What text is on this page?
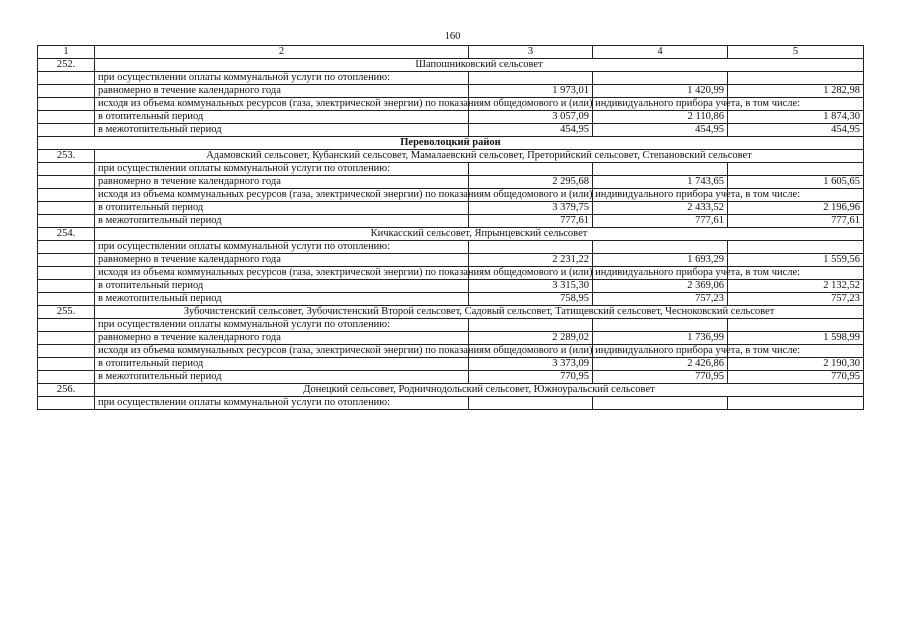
160
1	2	3	4	5
252.	Шапошниковский сельсовет			
	при осуществлении оплаты коммунальной услуги по отоплению:			
	равномерно в течение календарного года	1 973,01	1 420,99	1 282,98
	исходя из объема коммунальных ресурсов (газа, электрической энергии) по показаниям общедомового и (или) индивидуального прибора учета, в том числе:			
	в отопительный период	3 057,09	2 110,86	1 874,30
	в межотопительный период	454,95	454,95	454,95
Переволоцкий район				
253.	Адамовский сельсовет, Кубанский сельсовет, Мамалаевский сельсовет, Преторийский сельсовет, Степановский сельсовет			
	при осуществлении оплаты коммунальной услуги по отоплению:			
	равномерно в течение календарного года	2 295,68	1 743,65	1 605,65
	исходя из объема коммунальных ресурсов (газа, электрической энергии) по показаниям общедомового и (или) индивидуального прибора учета, в том числе:			
	в отопительный период	3 379,75	2 433,52	2 196,96
	в межотопительный период	777,61	777,61	777,61
254.	Кичкасский сельсовет, Япрынцевский сельсовет			
	при осуществлении оплаты коммунальной услуги по отоплению:			
	равномерно в течение календарного года	2 231,22	1 693,29	1 559,56
	исходя из объема коммунальных ресурсов (газа, электрической энергии) по показаниям общедомового и (или) индивидуального прибора учета, в том числе:			
	в отопительный период	3 315,30	2 369,06	2 132,52
	в межотопительный период	758,95	757,23	757,23
255.	Зубочистенский сельсовет, Зубочистенский Второй сельсовет, Садовый сельсовет, Татищевский сельсовет, Чесноковский сельсовет			
	при осуществлении оплаты коммунальной услуги по отоплению:			
	равномерно в течение календарного года	2 289,02	1 736,99	1 598,99
	исходя из объема коммунальных ресурсов (газа, электрической энергии) по показаниям общедомового и (или) индивидуального прибора учета, в том числе:			
	в отопительный период	3 373,09	2 426,86	2 190,30
	в межотопительный период	770,95	770,95	770,95
256.	Донецкий сельсовет, Родничнодольский сельсовет, Южноуральский сельсовет			
	при осуществлении оплаты коммунальной услуги по отоплению:			
